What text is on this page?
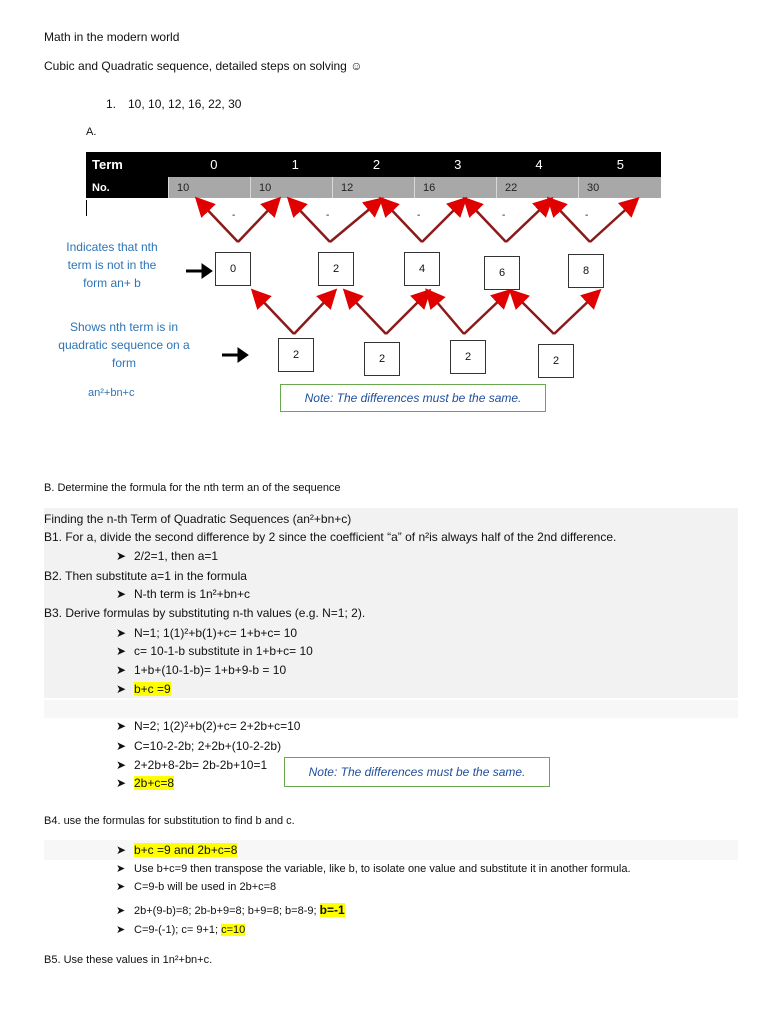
Math in the modern world
Cubic and Quadratic sequence, detailed steps on solving ☺
1. 10, 10, 12, 16, 22, 30
A.
Term	0	1	2	3	4	5
No.	10	10	12	16	22	30
-	-	-	-	-
0	2	4	6	8
2	2	2	2
Indicates that nth term is not in the form an+ b
Shows nth term is in quadratic sequence on a form
an²+bn+c	Note: The differences must be the same.
B. Determine the formula for the nth term an of the sequence
Finding the n-th Term of Quadratic Sequences (an²+bn+c)
B1. For a, divide the second difference by 2 since the coefficient “a” of n²is always half of the 2nd difference.
➤ 2/2=1, then a=1
B2. Then substitute a=1 in the formula
➤ N-th term is 1n²+bn+c
B3. Derive formulas by substituting n-th values (e.g. N=1; 2).
➤ N=1; 1(1)²+b(1)+c= 1+b+c= 10
➤ c= 10-1-b substitute in 1+b+c= 10
➤ 1+b+(10-1-b)= 1+b+9-b = 10
➤ b+c =9
➤ N=2; 1(2)²+b(2)+c= 2+2b+c=10
➤ C=10-2-2b; 2+2b+(10-2-2b)
➤ 2+2b+8-2b= 2b-2b+10=1
➤ 2b+c=8
Note: The differences must be the same.
B4. use the formulas for substitution to find b and c.
➤ b+c =9 and 2b+c=8
➤ Use b+c=9 then transpose the variable, like b, to isolate one value and substitute it in another formula.
➤ C=9-b will be used in 2b+c=8
➤ 2b+(9-b)=8; 2b-b+9=8; b+9=8; b=8-9; b=-1
➤ C=9-(-1); c= 9+1; c=10
B5. Use these values in 1n²+bn+c.
